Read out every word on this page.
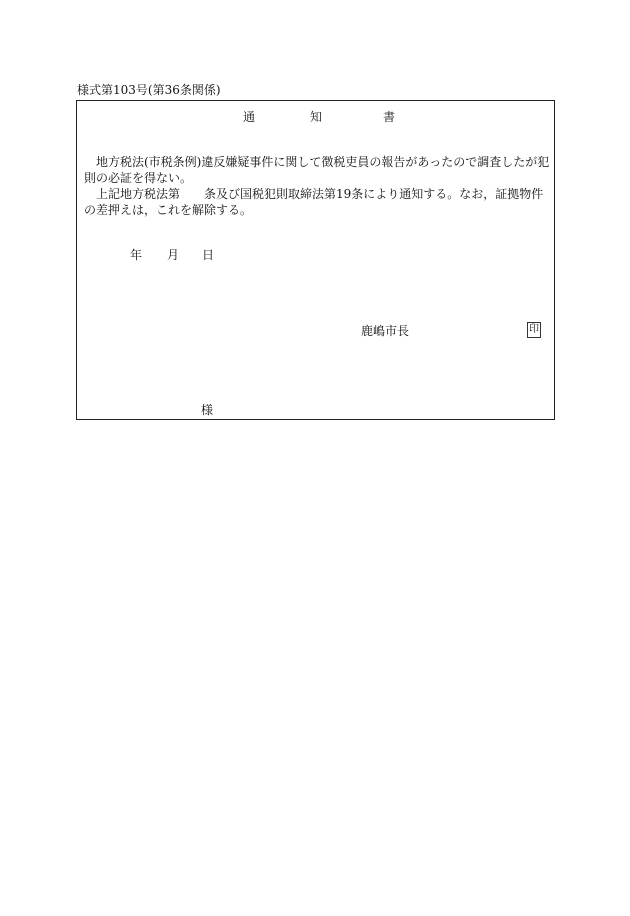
様式第103号(第36条関係)
通	知	書

　地方税法(市税条例)違反嫌疑事件に関して徴税吏員の報告があったので調査したが犯則の必証を得ない。

　上記地方税法第　　条及び国税犯則取締法第19条により通知する。なお，証拠物件の差押えは，これを解除する。

年 月 日
鹿嶋市長	印
様
